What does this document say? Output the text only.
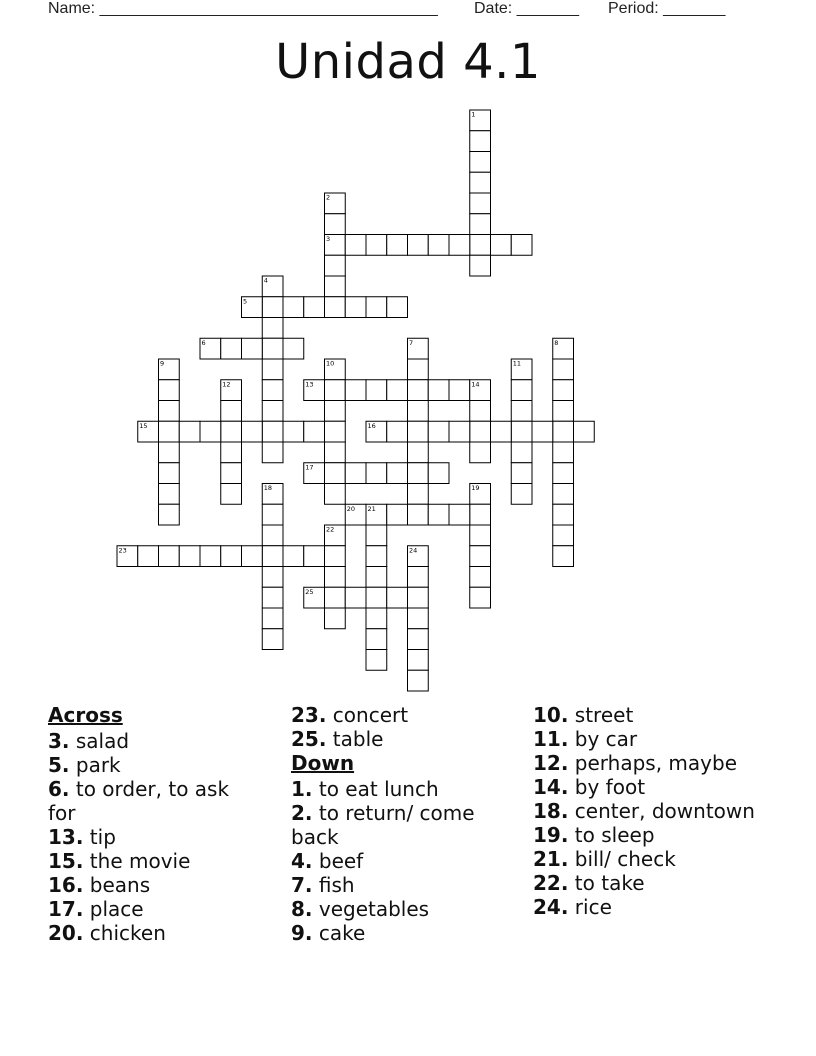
Name: ______________________________________ Date: _______ Period: _______
Unidad 4.1
1
2
3
4
5
6	7	8
9	10	11
12	13	14
15	16
17
18	19
20 21
22
23	24
25
Across
3. salad
5. park
6. to order, to ask for
13. tip
15. the movie
16. beans
17. place
20. chicken
23. concert
25. table
Down
1. to eat lunch
2. to return/ come back
4. beef
7. fish
8. vegetables
9. cake
10. street
11. by car
12. perhaps, maybe
14. by foot
18. center, downtown
19. to sleep
21. bill/ check
22. to take
24. rice
